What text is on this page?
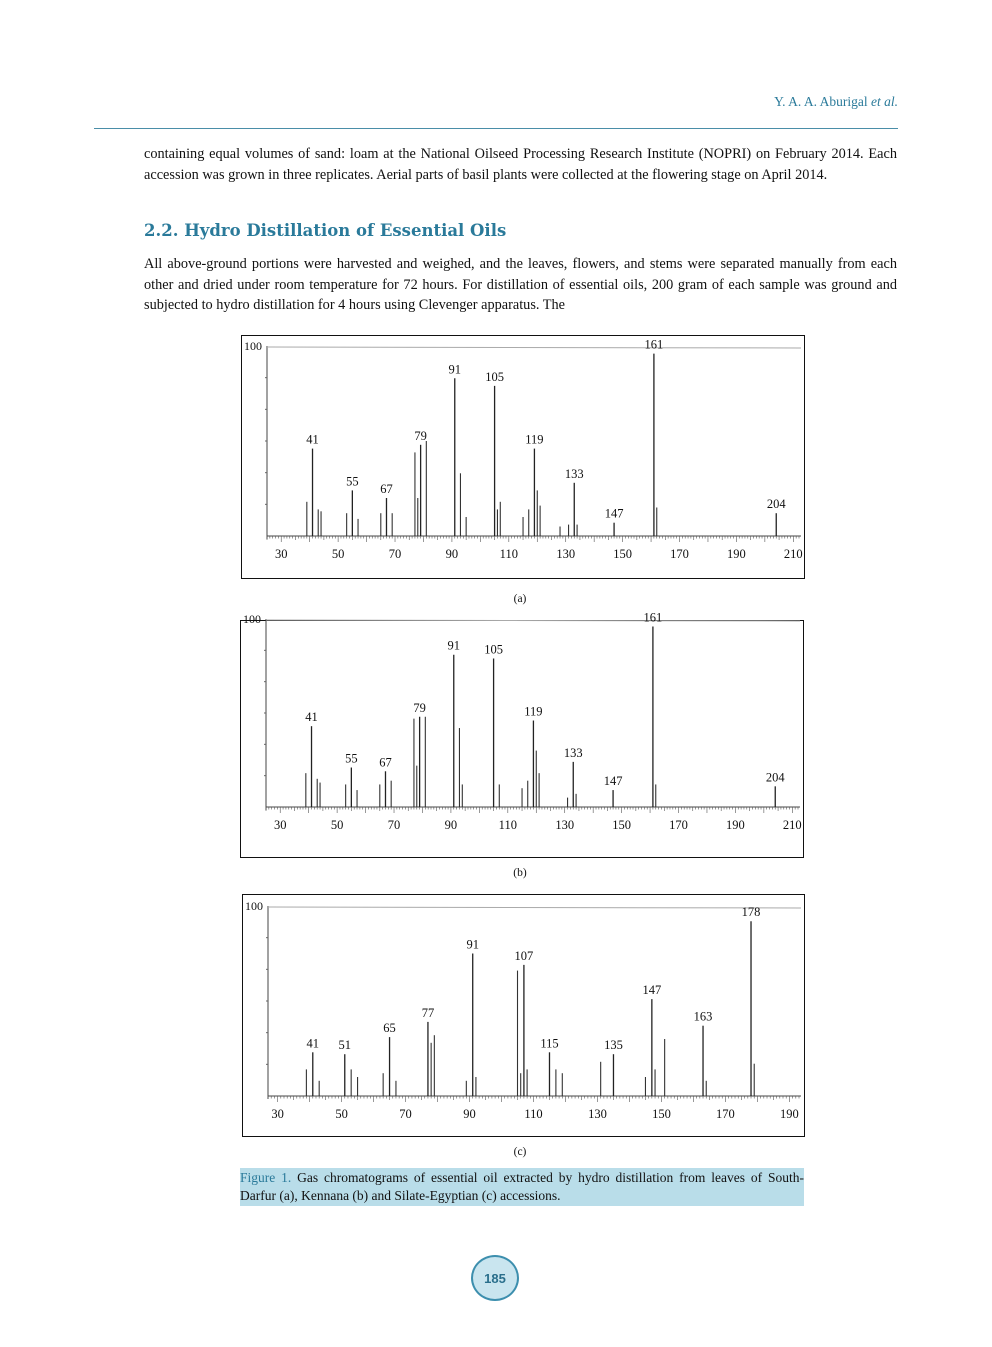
Y. A. A. Aburigal et al.

containing equal volumes of sand: loam at the National Oilseed Processing Research Institute (NOPRI) on February 2014. Each accession was grown in three replicates. Aerial parts of basil plants were collected at the flowering stage on April 2014.

2.2. Hydro Distillation of Essential Oils

All above-ground portions were harvested and weighed, and the leaves, flowers, and stems were separated manually from each other and dried under room temperature for 72 hours. For distillation of essential oils, 200 gram of each sample was ground and subjected to hydro distillation for 4 hours using Clevenger apparatus. The

100
30	50	70	90	110	130	150	170	190	210
41
55
67
79
91
105
119
133
147
161
204
(a)
100
30	50	70	90	110	130	150	170	190	210
41
55 67
79
91 105
119
133
147
161
204
(b)
100
30	50	70	90	110	130	150	170	190
41 51
65
77
91
107
115	135
147
163
178
(c)
Figure 1. Gas chromatograms of essential oil extracted by hydro distillation from leaves of South-Darfur (a), Kennana (b) and Silate-Egyptian (c) accessions.
185
